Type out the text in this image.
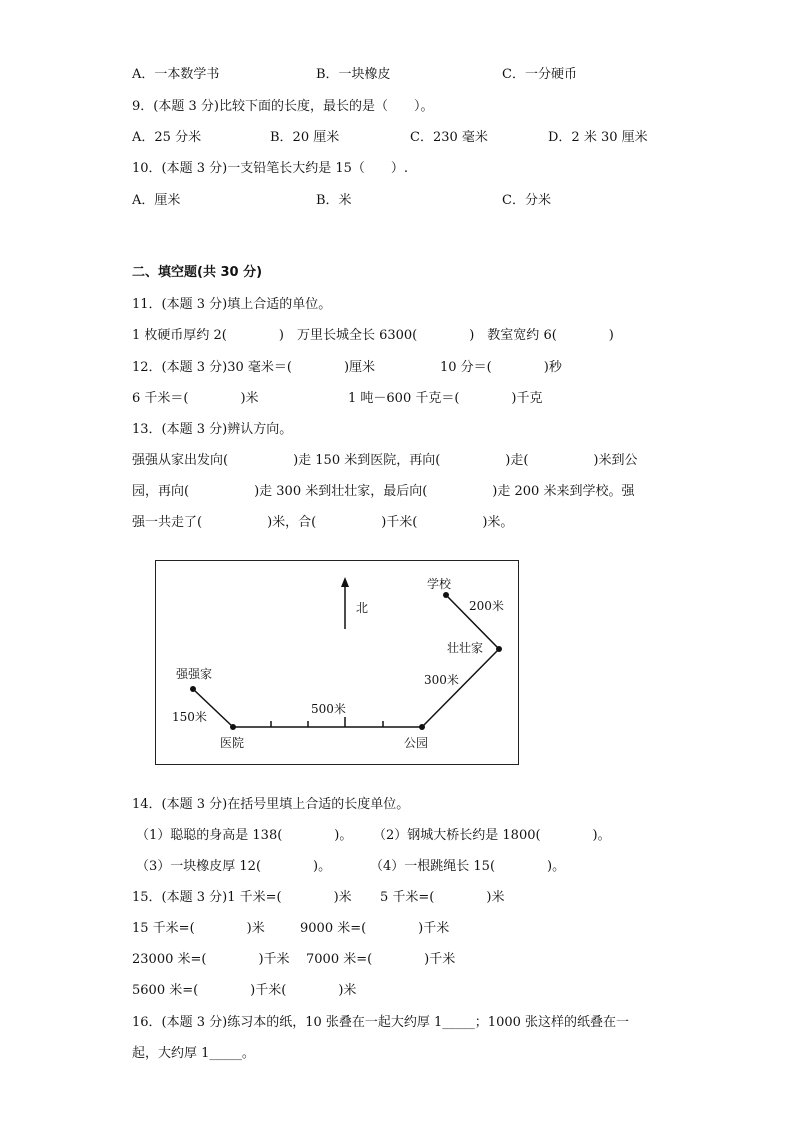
A．一本数学书	B．一块橡皮	C．一分硬币
9．(本题 3 分)比较下面的长度，最长的是（　　）。
A．25 分米	B．20 厘米	C．230 毫米	D．2 米 30 厘米
10．(本题 3 分)一支铅笔长大约是 15（　　）.
A．厘米	B．米	C．分米
二、填空题(共 30 分)
11．(本题 3 分)填上合适的单位。
1 枚硬币厚约 2(　　　　)　万里长城全长 6300(　　　　)　教室宽约 6(　　　　)
12．(本题 3 分)30 毫米＝(　　　　)厘米	10 分＝(　　　　)秒
6 千米＝(　　　　)米	1 吨－600 千克＝(　　　　)千克
13．(本题 3 分)辨认方向。
强强从家出发向(　　　　　)走 150 米到医院，再向(　　　　　)走(　　　　　)米到公
园，再向(　　　　　)走 300 米到壮壮家，最后向(　　　　　)走 200 米来到学校。强
强一共走了(　　　　　)米，合(　　　　　)千米(　　　　　)米。
北
强强家
医院	公园
壮壮家
学校
150米
500米
300米
200米
14．(本题 3 分)在括号里填上合适的长度单位。
（1）聪聪的身高是 138(　　　　)。 （2）钢城大桥长约是 1800(　　　　)。
（3）一块橡皮厚 12(　　　　)。	（4）一根跳绳长 15(　　　　)。
15．(本题 3 分)1 千米=(　　　　)米 5 千米=(　　　　)米
15 千米=(　　　　)米	9000 米=(　　　　)千米
23000 米=(　　　　)千米 7000 米=(　　　　)千米
5600 米=(　　　　)千米(　　　　)米
16．(本题 3 分)练习本的纸，10 张叠在一起大约厚 1_____；1000 张这样的纸叠在一
起，大约厚 1_____。
